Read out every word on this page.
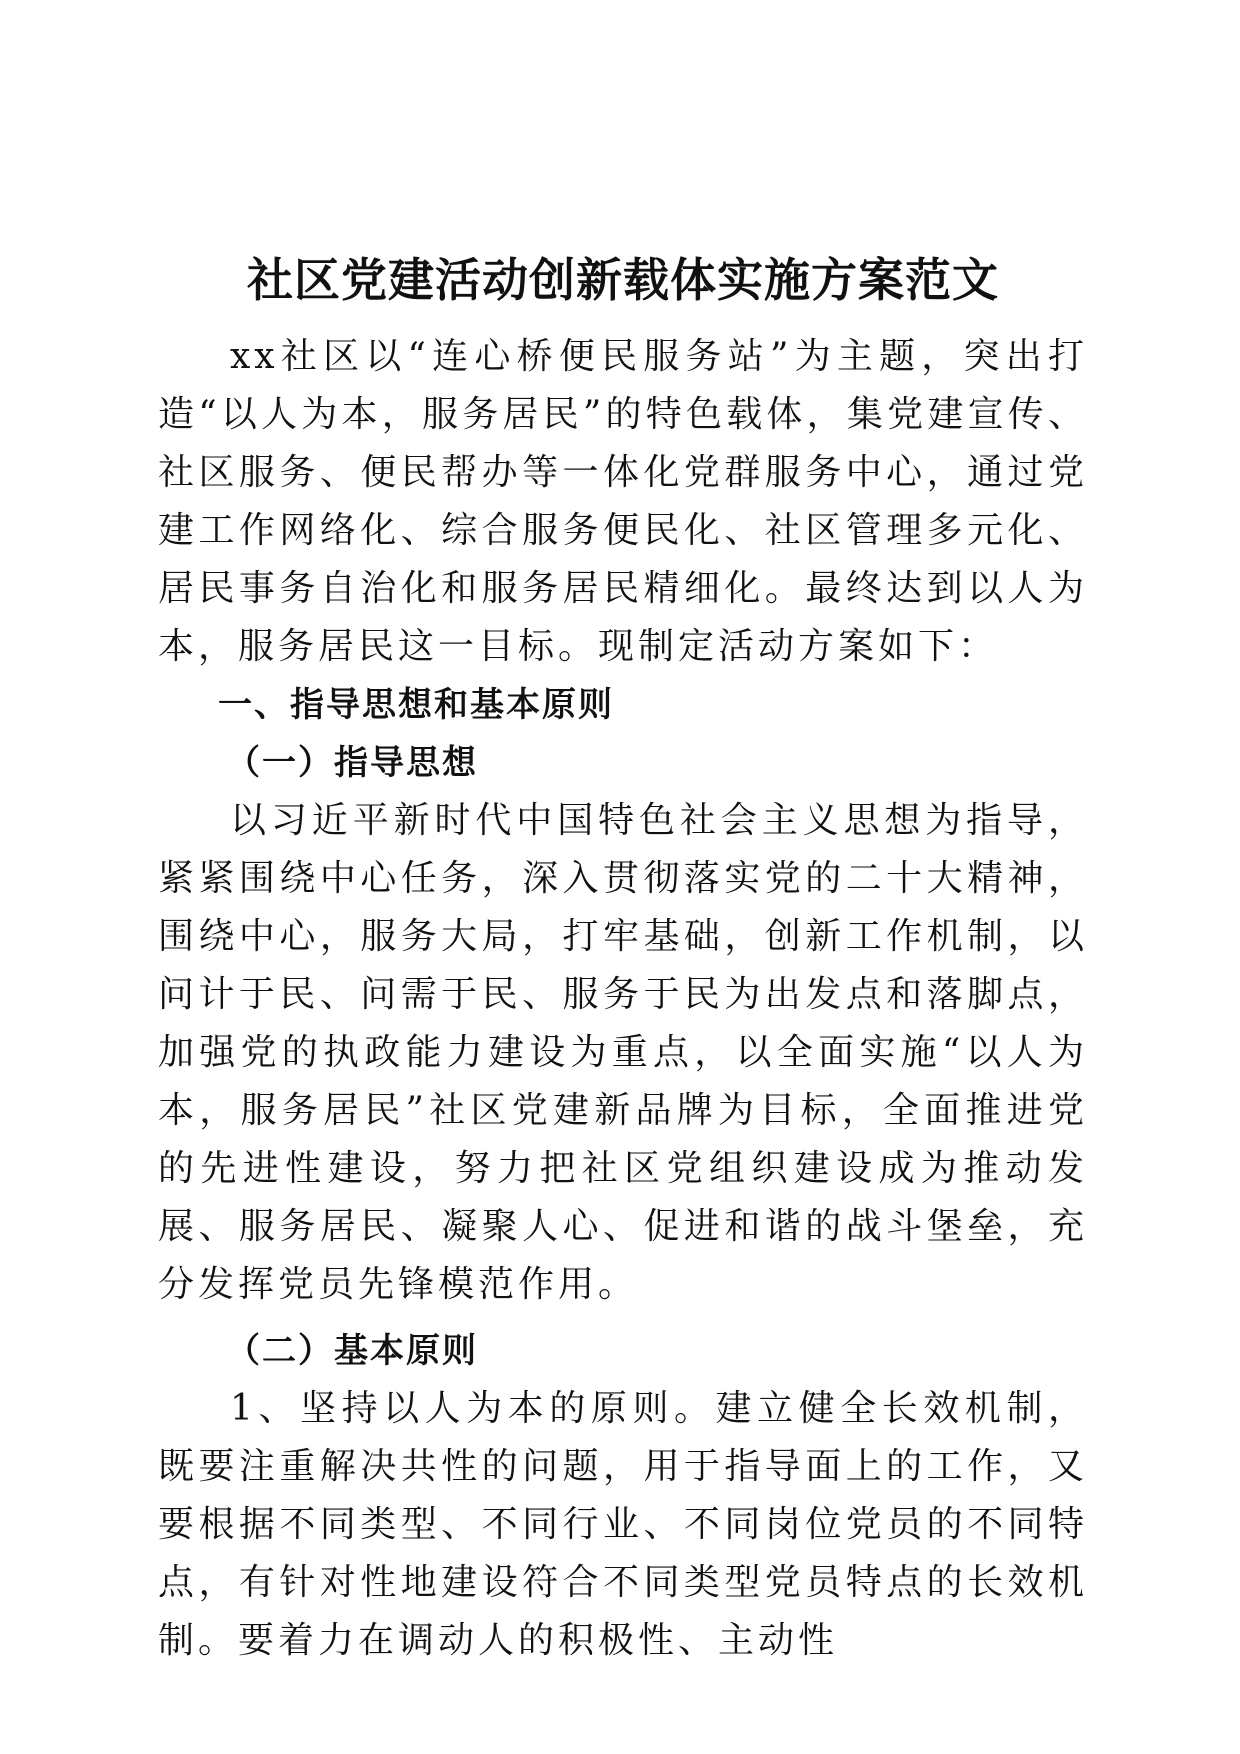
社区党建活动创新载体实施方案范文

xx社区以“连心桥便民服务站”为主题，突出打造“以人为本，服务居民”的特色载体，集党建宣传、社区服务、便民帮办等一体化党群服务中心，通过党建工作网络化、综合服务便民化、社区管理多元化、居民事务自治化和服务居民精细化。最终达到以人为本，服务居民这一目标。现制定活动方案如下：

一、指导思想和基本原则

（一）指导思想

以习近平新时代中国特色社会主义思想为指导，紧紧围绕中心任务，深入贯彻落实党的二十大精神，围绕中心，服务大局，打牢基础，创新工作机制，以问计于民、问需于民、服务于民为出发点和落脚点，加强党的执政能力建设为重点，以全面实施“以人为本，服务居民”社区党建新品牌为目标，全面推进党的先进性建设，努力把社区党组织建设成为推动发展、服务居民、凝聚人心、促进和谐的战斗堡垒，充分发挥党员先锋模范作用。

（二）基本原则

1、坚持以人为本的原则。建立健全长效机制，既要注重解决共性的问题，用于指导面上的工作，又要根据不同类型、不同行业、不同岗位党员的不同特点，有针对性地建设符合不同类型党员特点的长效机制。要着力在调动人的积极性、主动性
